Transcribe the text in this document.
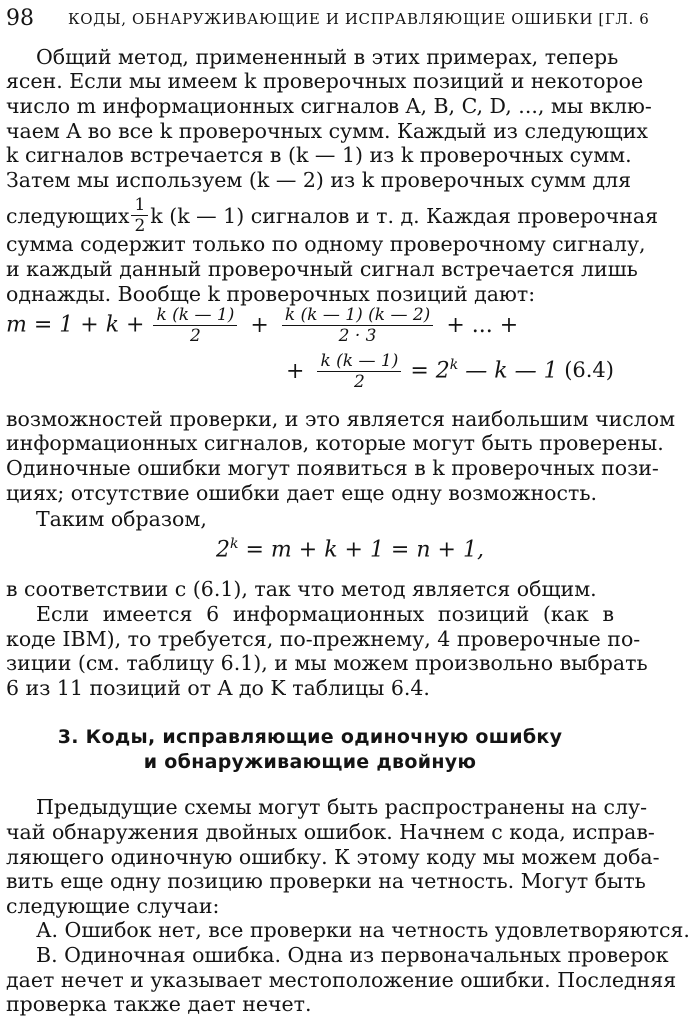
98 КОДЫ, ОБНАРУЖИВАЮЩИЕ И ИСПРАВЛЯЮЩИЕ ОШИБКИ [ГЛ. 6
Общий метод, примененный в этих примерах, теперь
ясен. Если мы имеем k проверочных позиций и некоторое
число m информационных сигналов A, B, C, D, ..., мы вклю-
чаем A во все k проверочных сумм. Каждый из следующих
k сигналов встречается в (k — 1) из k проверочных сумм.
Затем мы используем (k — 2) из k проверочных сумм для
следующих $\frac{1}{2}$ k (k — 1) сигналов и т. д. Каждая проверочная
сумма содержит только по одному проверочному сигналу,
и каждый данный проверочный сигнал встречается лишь
однажды. Вообще k проверочных позиций дают:
$m = 1 + k + \frac{k (k — 1)}{2} + \frac{k (k — 1) (k — 2)}{2 \cdot 3}$ + ... +
+ $\frac{k (k — 1)}{2} = 2^k$ — k — 1 (6.4)
возможностей проверки, и это является наибольшим числом
информационных сигналов, которые могут быть проверены.
Одиночные ошибки могут появиться в k проверочных пози-
циях; отсутствие ошибки дает еще одну возможность.
Таким образом,
$2^k = m + k + 1 = n + 1$,
в соответствии с (6.1), так что метод является общим.
Если имеется 6 информационных позиций (как в
коде IBM), то требуется, по-прежнему, 4 проверочные по-
зиции (см. таблицу 6.1), и мы можем произвольно выбрать
6 из 11 позиций от A до K таблицы 6.4.
3. Коды, исправляющие одиночную ошибку
и обнаруживающие двойную
Предыдущие схемы могут быть распространены на слу-
чай обнаружения двойных ошибок. Начнем с кода, исправ-
ляющего одиночную ошибку. К этому коду мы можем доба-
вить еще одну позицию проверки на четность. Могут быть
следующие случаи:
А. Ошибок нет, все проверки на четность удовлетворяются.
В. Одиночная ошибка. Одна из первоначальных проверок
дает нечет и указывает местоположение ошибки. Последняя
проверка также дает нечет.
